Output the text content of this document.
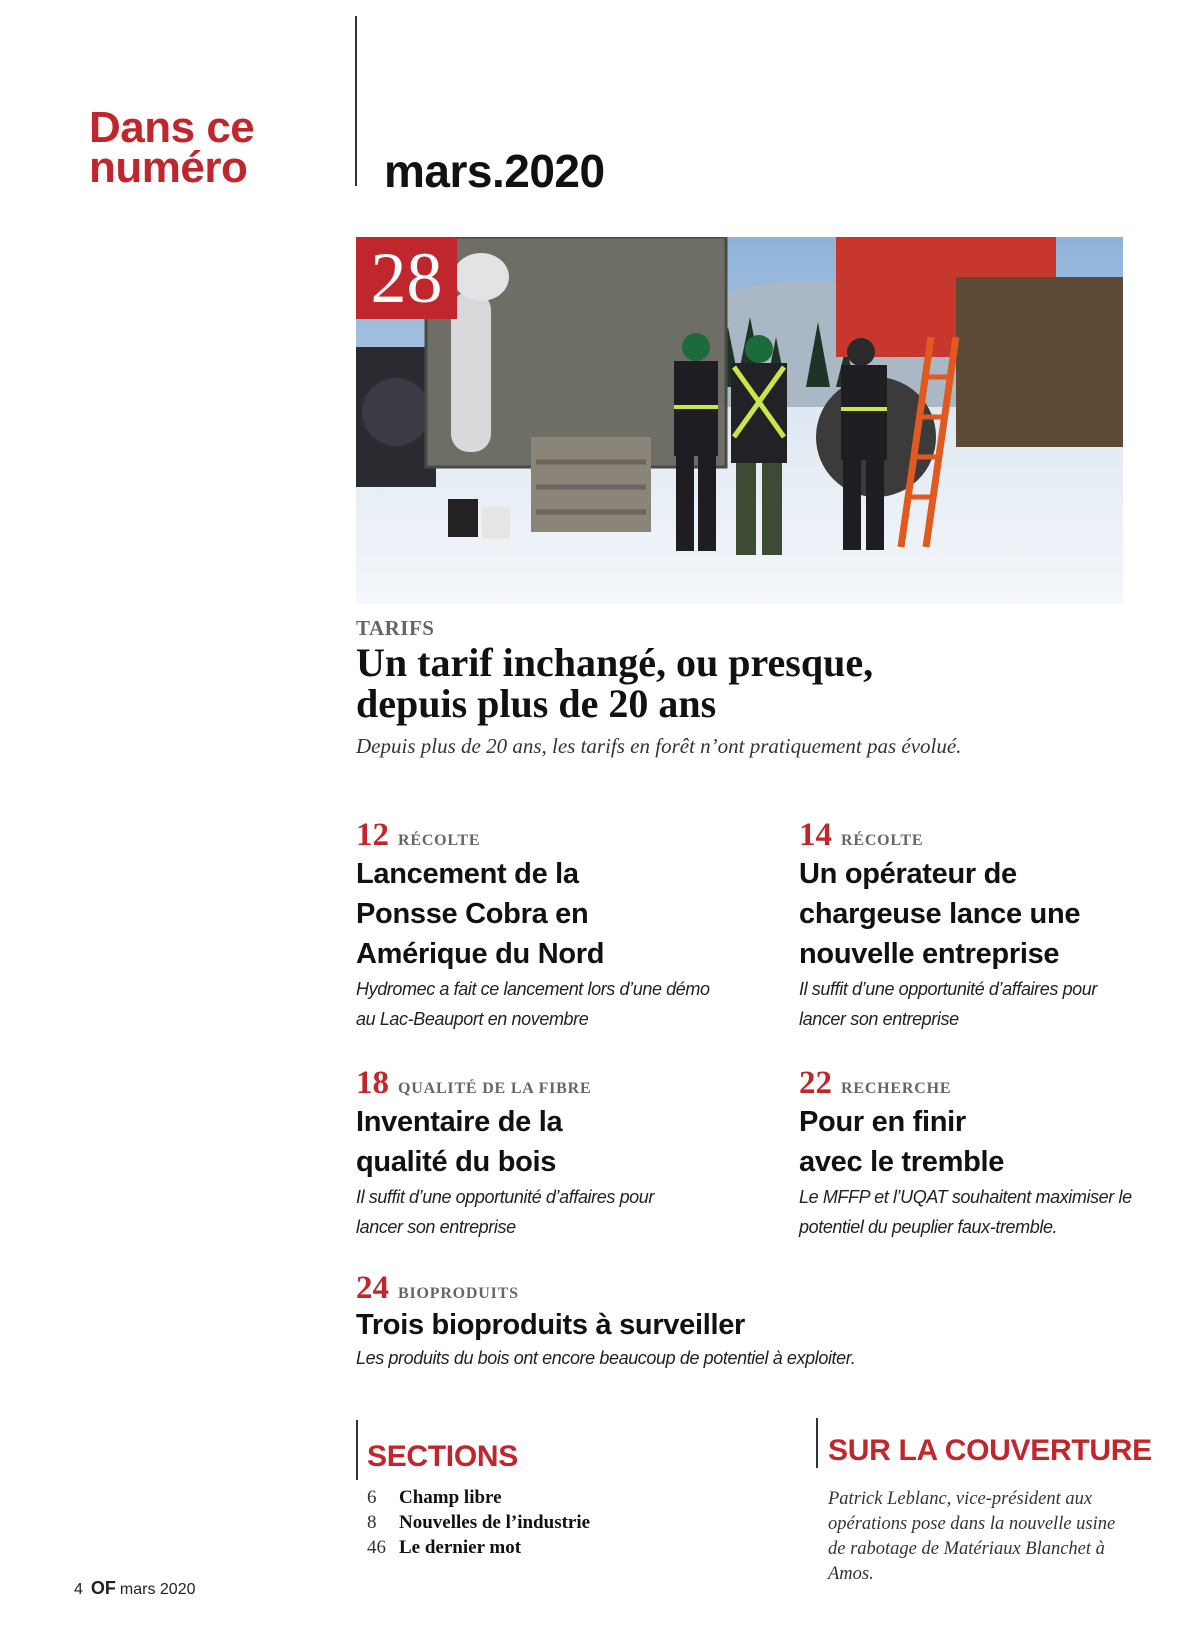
Dans ce
numéro	mars.2020
28
TARIFS
Un tarif inchangé, ou presque,
depuis plus de 20 ans
Depuis plus de 20 ans, les tarifs en forêt n’ont pratiquement pas évolué.
12 RÉCOLTE
Lancement de la
Ponsse Cobra en
Amérique du Nord
Hydromec a fait ce lancement lors d’une démo
au Lac-Beauport en novembre
14 RÉCOLTE
Un opérateur de
chargeuse lance une
nouvelle entreprise
Il suffit d’une opportunité d’affaires pour
lancer son entreprise
18 QUALITÉ DE LA FIBRE
Inventaire de la
qualité du bois
Il suffit d’une opportunité d’affaires pour
lancer son entreprise
22 RECHERCHE
Pour en finir
avec le tremble
Le MFFP et l’UQAT souhaitent maximiser le
potentiel du peuplier faux-tremble.
24 BIOPRODUITS
Trois bioproduits à surveiller
Les produits du bois ont encore beaucoup de potentiel à exploiter.
SECTIONS
6	Champ libre
8	Nouvelles de l’industrie
46 Le dernier mot
SUR LA COUVERTURE
Patrick Leblanc, vice-président aux
opérations pose dans la nouvelle usine
de rabotage de Matériaux Blanchet à
Amos.
4 OF mars 2020
